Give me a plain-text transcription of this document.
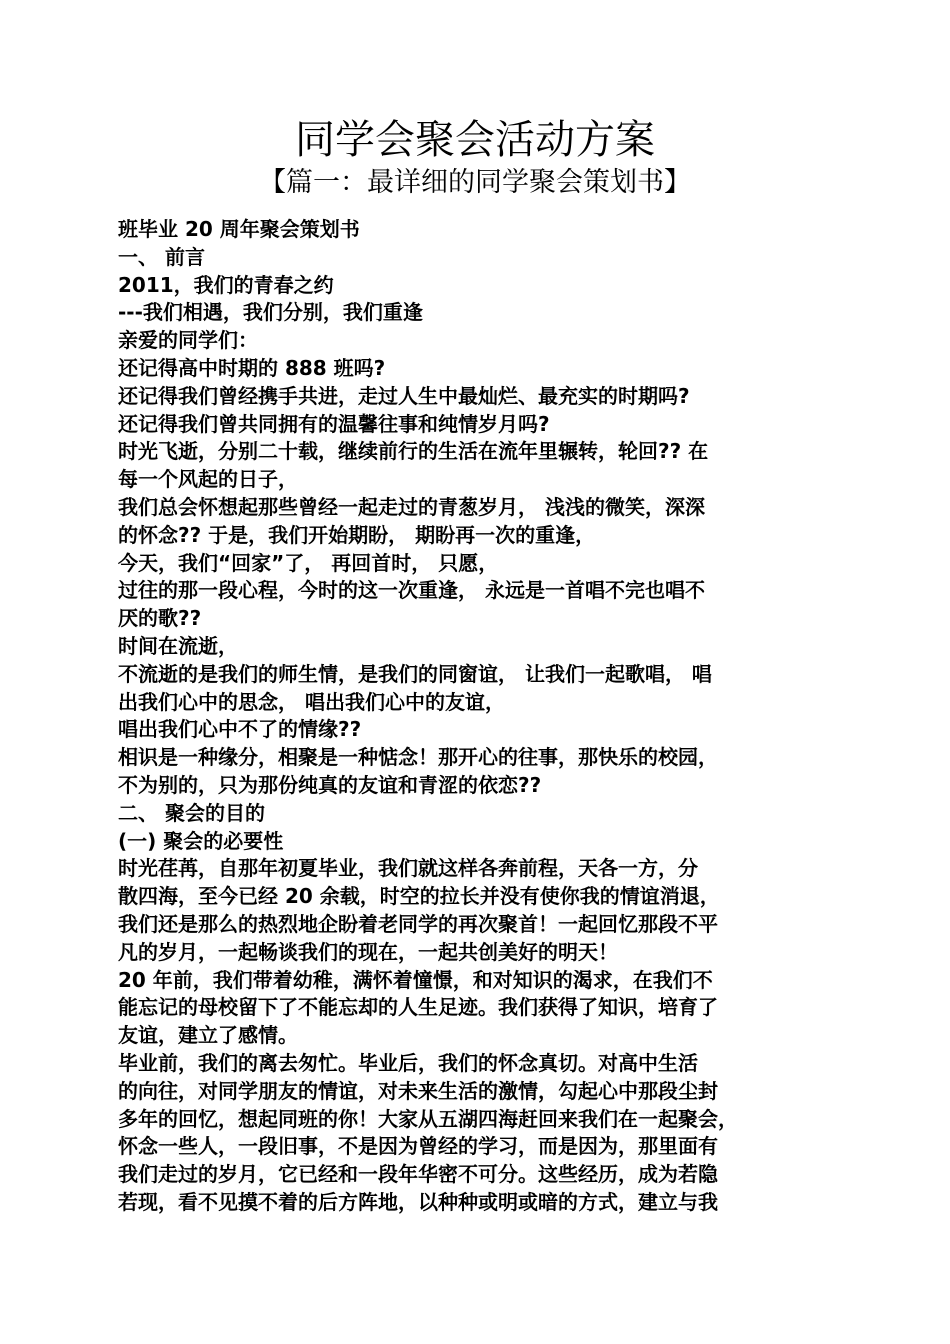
同学会聚会活动方案
【篇一：最详细的同学聚会策划书】
班毕业 20 周年聚会策划书
一、 前言
2011，我们的青春之约
---我们相遇，我们分别，我们重逢
亲爱的同学们：
还记得高中时期的 888 班吗?
还记得我们曾经携手共进，走过人生中最灿烂、最充实的时期吗?
还记得我们曾共同拥有的温馨往事和纯情岁月吗?
时光飞逝，分别二十载，继续前行的生活在流年里辗转，轮回?? 在
每一个风起的日子，
我们总会怀想起那些曾经一起走过的青葱岁月， 浅浅的微笑，深深
的怀念?? 于是，我们开始期盼， 期盼再一次的重逢，
今天，我们“回家”了， 再回首时， 只愿，
过往的那一段心程，今时的这一次重逢， 永远是一首唱不完也唱不
厌的歌??
时间在流逝，
不流逝的是我们的师生情，是我们的同窗谊， 让我们一起歌唱， 唱
出我们心中的思念， 唱出我们心中的友谊，
唱出我们心中不了的情缘??
相识是一种缘分，相聚是一种惦念！那开心的往事，那快乐的校园，
不为别的，只为那份纯真的友谊和青涩的依恋??
二、 聚会的目的
(一) 聚会的必要性
时光荏苒，自那年初夏毕业，我们就这样各奔前程，天各一方，分
散四海，至今已经 20 余载，时空的拉长并没有使你我的情谊消退，
我们还是那么的热烈地企盼着老同学的再次聚首！一起回忆那段不平
凡的岁月，一起畅谈我们的现在，一起共创美好的明天！
20 年前，我们带着幼稚，满怀着憧憬，和对知识的渴求，在我们不
能忘记的母校留下了不能忘却的人生足迹。我们获得了知识，培育了
友谊，建立了感情。
毕业前，我们的离去匆忙。毕业后，我们的怀念真切。对高中生活
的向往，对同学朋友的情谊，对未来生活的激情，勾起心中那段尘封
多年的回忆，想起同班的你！大家从五湖四海赶回来我们在一起聚会，
怀念一些人，一段旧事，不是因为曾经的学习，而是因为，那里面有
我们走过的岁月，它已经和一段年华密不可分。这些经历，成为若隐
若现，看不见摸不着的后方阵地，以种种或明或暗的方式，建立与我
